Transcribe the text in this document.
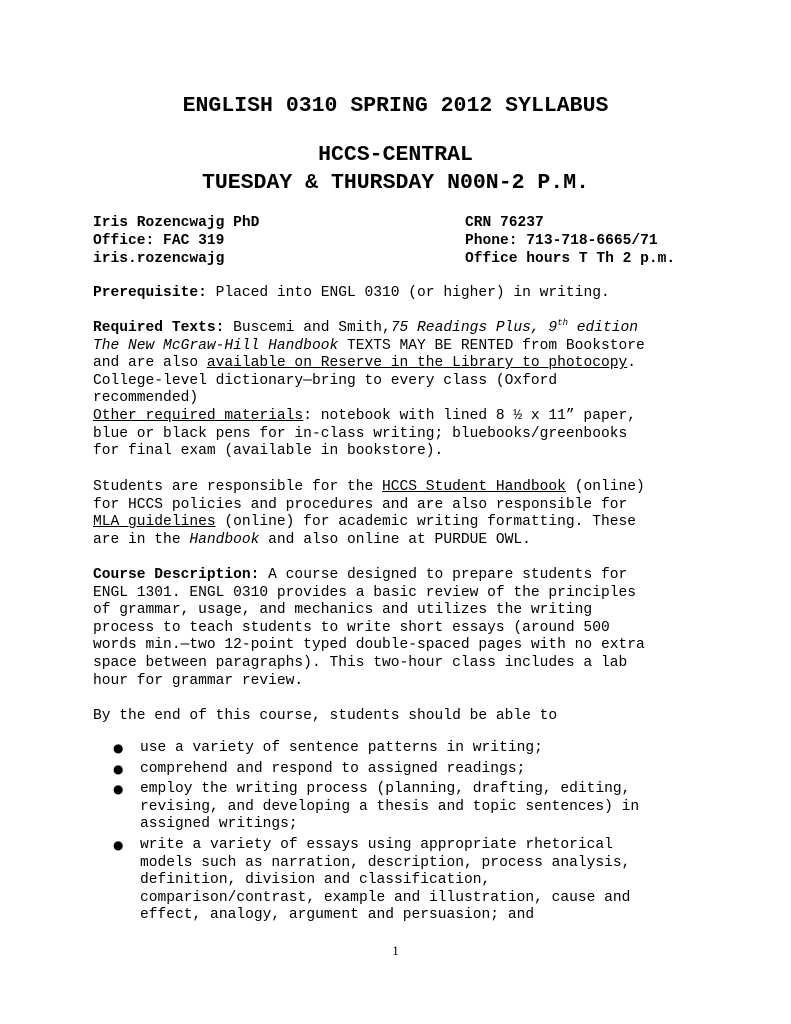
ENGLISH 0310 SPRING 2012 SYLLABUS
HCCS-CENTRAL
TUESDAY & THURSDAY N00N-2 P.M.
Iris Rozencwajg PhD	CRN 76237
Office: FAC 319	Phone: 713-718-6665/71
iris.rozencwajg	Office hours T Th 2 p.m.

Prerequisite: Placed into ENGL 0310 (or higher) in writing.

Required Texts: Buscemi and Smith,75 Readings Plus, 9th edition

The New McGraw-Hill Handbook TEXTS MAY BE RENTED from Bookstore

and are also available on Reserve in the Library to photocopy.

College-level dictionary—bring to every class (Oxford

recommended)

Other required materials: notebook with lined 8 ½ x 11” paper,

blue or black pens for in-class writing; bluebooks/greenbooks

for final exam (available in bookstore).

Students are responsible for the HCCS Student Handbook (online)

for HCCS policies and procedures and are also responsible for

MLA guidelines (online) for academic writing formatting. These

are in the Handbook and also online at PURDUE OWL.

Course Description: A course designed to prepare students for

ENGL 1301. ENGL 0310 provides a basic review of the principles

of grammar, usage, and mechanics and utilizes the writing

process to teach students to write short essays (around 500

words min.—two 12-point typed double-spaced pages with no extra

space between paragraphs). This two-hour class includes a lab

hour for grammar review.

By the end of this course, students should be able to

● use a variety of sentence patterns in writing;
● comprehend and respond to assigned readings;
● employ the writing process (planning, drafting, editing,
revising, and developing a thesis and topic sentences) in
assigned writings;
● write a variety of essays using appropriate rhetorical
models such as narration, description, process analysis,
definition, division and classification,
comparison/contrast, example and illustration, cause and
effect, analogy, argument and persuasion; and
1
